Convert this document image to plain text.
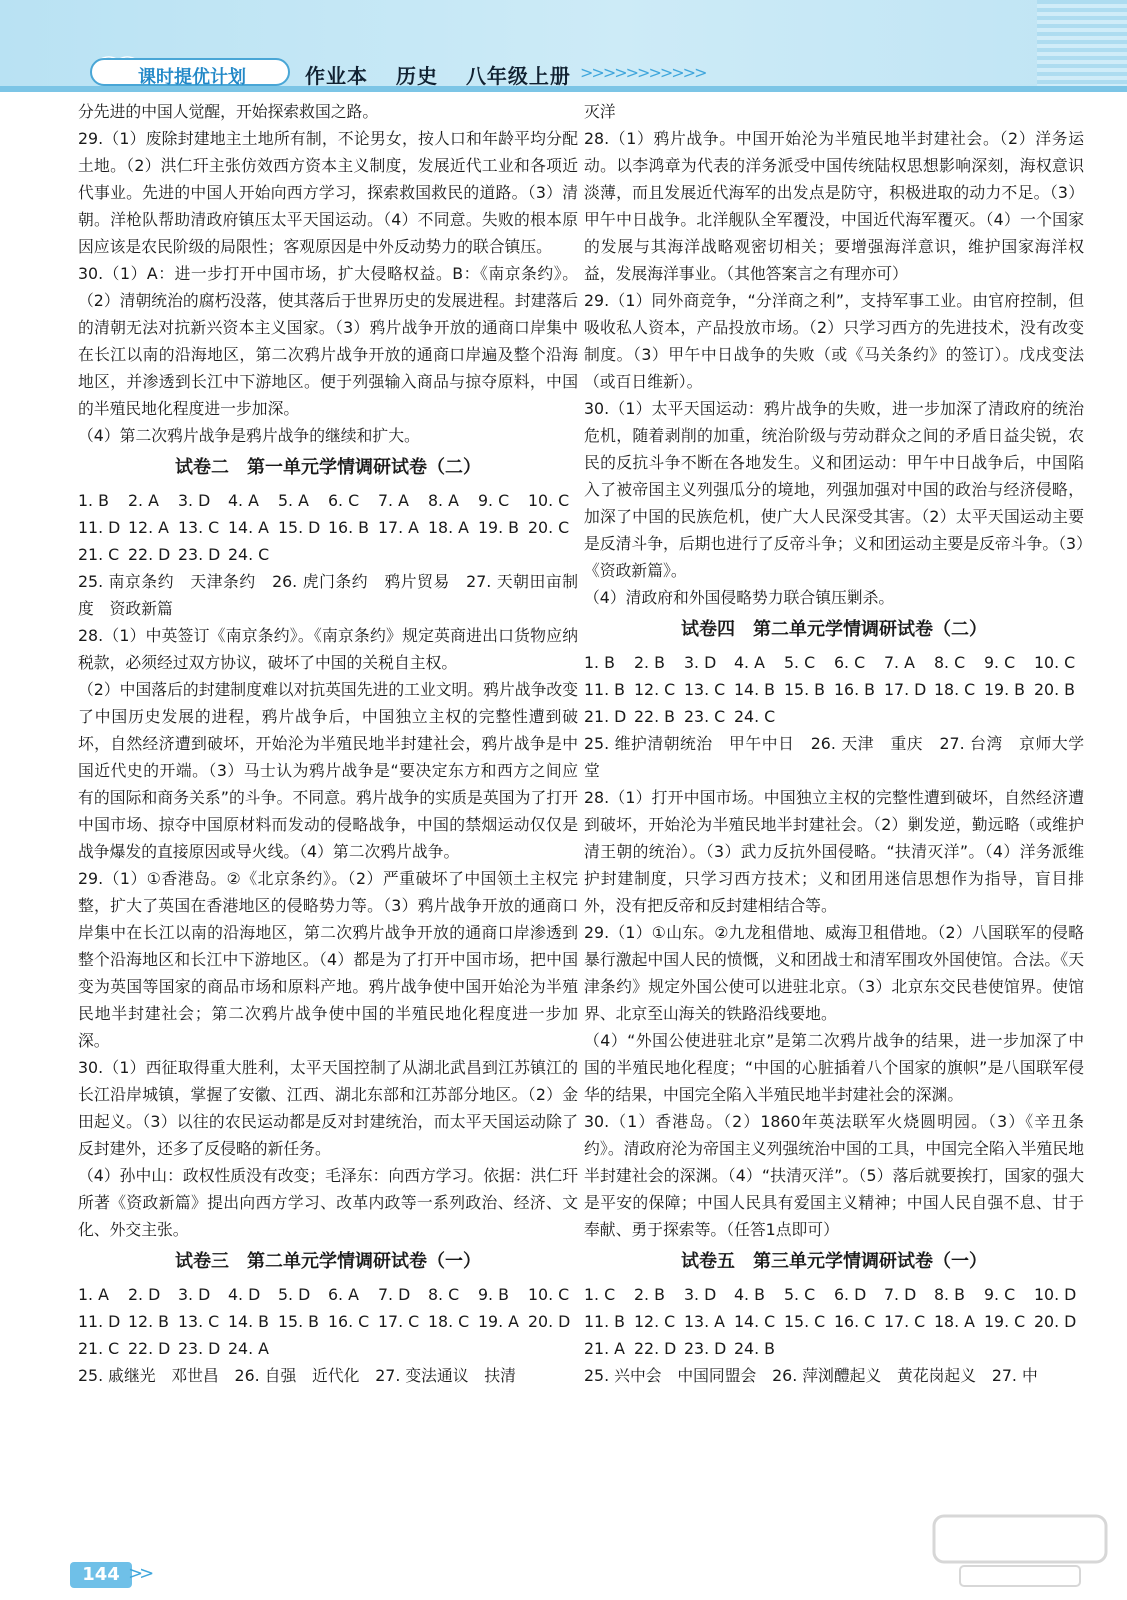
课时提优计划	作业本 历史 八年级上册 >>>>>>>>>>>
分先进的中国人觉醒，开始探索救国之路。
29.（1）废除封建地主土地所有制，不论男女，按人口和年龄平均分配土地。（2）洪仁玕主张仿效西方资本主义制度，发展近代工业和各项近代事业。先进的中国人开始向西方学习，探索救国救民的道路。（3）清朝。洋枪队帮助清政府镇压太平天国运动。（4）不同意。失败的根本原因应该是农民阶级的局限性；客观原因是中外反动势力的联合镇压。
30.（1）A：进一步打开中国市场，扩大侵略权益。B：《南京条约》。（2）清朝统治的腐朽没落，使其落后于世界历史的发展进程。封建落后的清朝无法对抗新兴资本主义国家。（3）鸦片战争开放的通商口岸集中在长江以南的沿海地区，第二次鸦片战争开放的通商口岸遍及整个沿海地区，并渗透到长江中下游地区。便于列强输入商品与掠夺原料，中国的半殖民地化程度进一步加深。
（4）第二次鸦片战争是鸦片战争的继续和扩大。
试卷二　第一单元学情调研试卷（二）
1. B	2. A	3. D	4. A	5. A	6. C	7. A	8. A	9. C	10. C
11. D 12. A 13. C 14. A 15. D 16. B 17. A 18. A 19. B 20. C
21. C 22. D 23. D 24. C
25. 南京条约　天津条约　26. 虎门条约　鸦片贸易　27. 天朝田亩制度　资政新篇
28.（1）中英签订《南京条约》。《南京条约》规定英商进出口货物应纳税款，必须经过双方协议，破坏了中国的关税自主权。
（2）中国落后的封建制度难以对抗英国先进的工业文明。鸦片战争改变了中国历史发展的进程，鸦片战争后，中国独立主权的完整性遭到破坏，自然经济遭到破坏，开始沦为半殖民地半封建社会，鸦片战争是中国近代史的开端。（3）马士认为鸦片战争是“要决定东方和西方之间应有的国际和商务关系”的斗争。不同意。鸦片战争的实质是英国为了打开中国市场、掠夺中国原材料而发动的侵略战争，中国的禁烟运动仅仅是战争爆发的直接原因或导火线。（4）第二次鸦片战争。
29.（1）①香港岛。②《北京条约》。（2）严重破坏了中国领土主权完整，扩大了英国在香港地区的侵略势力等。（3）鸦片战争开放的通商口岸集中在长江以南的沿海地区，第二次鸦片战争开放的通商口岸渗透到整个沿海地区和长江中下游地区。（4）都是为了打开中国市场，把中国变为英国等国家的商品市场和原料产地。鸦片战争使中国开始沦为半殖民地半封建社会；第二次鸦片战争使中国的半殖民地化程度进一步加深。
30.（1）西征取得重大胜利，太平天国控制了从湖北武昌到江苏镇江的长江沿岸城镇，掌握了安徽、江西、湖北东部和江苏部分地区。（2）金田起义。（3）以往的农民运动都是反对封建统治，而太平天国运动除了反封建外，还多了反侵略的新任务。
（4）孙中山：政权性质没有改变；毛泽东：向西方学习。依据：洪仁玕所著《资政新篇》提出向西方学习、改革内政等一系列政治、经济、文化、外交主张。
试卷三　第二单元学情调研试卷（一）
1. A	2. D	3. D	4. D	5. D	6. A	7. D	8. C	9. B	10. C
11. D 12. B 13. C 14. B 15. B 16. C 17. C 18. C 19. A 20. D
21. C 22. D 23. D 24. A
25. 戚继光　邓世昌　26. 自强　近代化　27. 变法通议　扶清
灭洋
28.（1）鸦片战争。中国开始沦为半殖民地半封建社会。（2）洋务运动。以李鸿章为代表的洋务派受中国传统陆权思想影响深刻，海权意识淡薄，而且发展近代海军的出发点是防守，积极进取的动力不足。（3）甲午中日战争。北洋舰队全军覆没，中国近代海军覆灭。（4）一个国家的发展与其海洋战略观密切相关；要增强海洋意识，维护国家海洋权益，发展海洋事业。（其他答案言之有理亦可）
29.（1）同外商竞争，“分洋商之利”，支持军事工业。由官府控制，但吸收私人资本，产品投放市场。（2）只学习西方的先进技术，没有改变制度。（3）甲午中日战争的失败（或《马关条约》的签订）。戊戌变法（或百日维新）。
30.（1）太平天国运动：鸦片战争的失败，进一步加深了清政府的统治危机，随着剥削的加重，统治阶级与劳动群众之间的矛盾日益尖锐，农民的反抗斗争不断在各地发生。义和团运动：甲午中日战争后，中国陷入了被帝国主义列强瓜分的境地，列强加强对中国的政治与经济侵略，加深了中国的民族危机，使广大人民深受其害。（2）太平天国运动主要是反清斗争，后期也进行了反帝斗争；义和团运动主要是反帝斗争。（3）《资政新篇》。
（4）清政府和外国侵略势力联合镇压剿杀。
试卷四　第二单元学情调研试卷（二）
1. B	2. B	3. D	4. A	5. C	6. C	7. A	8. C	9. C	10. C
11. B 12. C 13. C 14. B 15. B 16. B 17. D 18. C 19. B 20. B
21. D 22. B 23. C 24. C
25. 维护清朝统治　甲午中日　26. 天津　重庆　27. 台湾　京师大学堂
28.（1）打开中国市场。中国独立主权的完整性遭到破坏，自然经济遭到破坏，开始沦为半殖民地半封建社会。（2）剿发逆，勤远略（或维护清王朝的统治）。（3）武力反抗外国侵略。“扶清灭洋”。（4）洋务派维护封建制度，只学习西方技术；义和团用迷信思想作为指导，盲目排外，没有把反帝和反封建相结合等。
29.（1）①山东。②九龙租借地、威海卫租借地。（2）八国联军的侵略暴行激起中国人民的愤慨，义和团战士和清军围攻外国使馆。合法。《天津条约》规定外国公使可以进驻北京。（3）北京东交民巷使馆界。使馆界、北京至山海关的铁路沿线要地。
（4）“外国公使进驻北京”是第二次鸦片战争的结果，进一步加深了中国的半殖民地化程度；“中国的心脏插着八个国家的旗帜”是八国联军侵华的结果，中国完全陷入半殖民地半封建社会的深渊。
30.（1）香港岛。（2）1860年英法联军火烧圆明园。（3）《辛丑条约》。清政府沦为帝国主义列强统治中国的工具，中国完全陷入半殖民地半封建社会的深渊。（4）“扶清灭洋”。（5）落后就要挨打，国家的强大是平安的保障；中国人民具有爱国主义精神；中国人民自强不息、甘于奉献、勇于探索等。（任答1点即可）
试卷五　第三单元学情调研试卷（一）
1. C	2. B	3. D	4. B	5. C	6. D	7. D	8. B	9. C	10. D
11. B 12. C 13. A 14. C 15. C 16. C 17. C 18. A 19. C 20. D
21. A 22. D 23. D 24. B
25. 兴中会　中国同盟会　26. 萍浏醴起义　黄花岗起义　27. 中
144 >>
